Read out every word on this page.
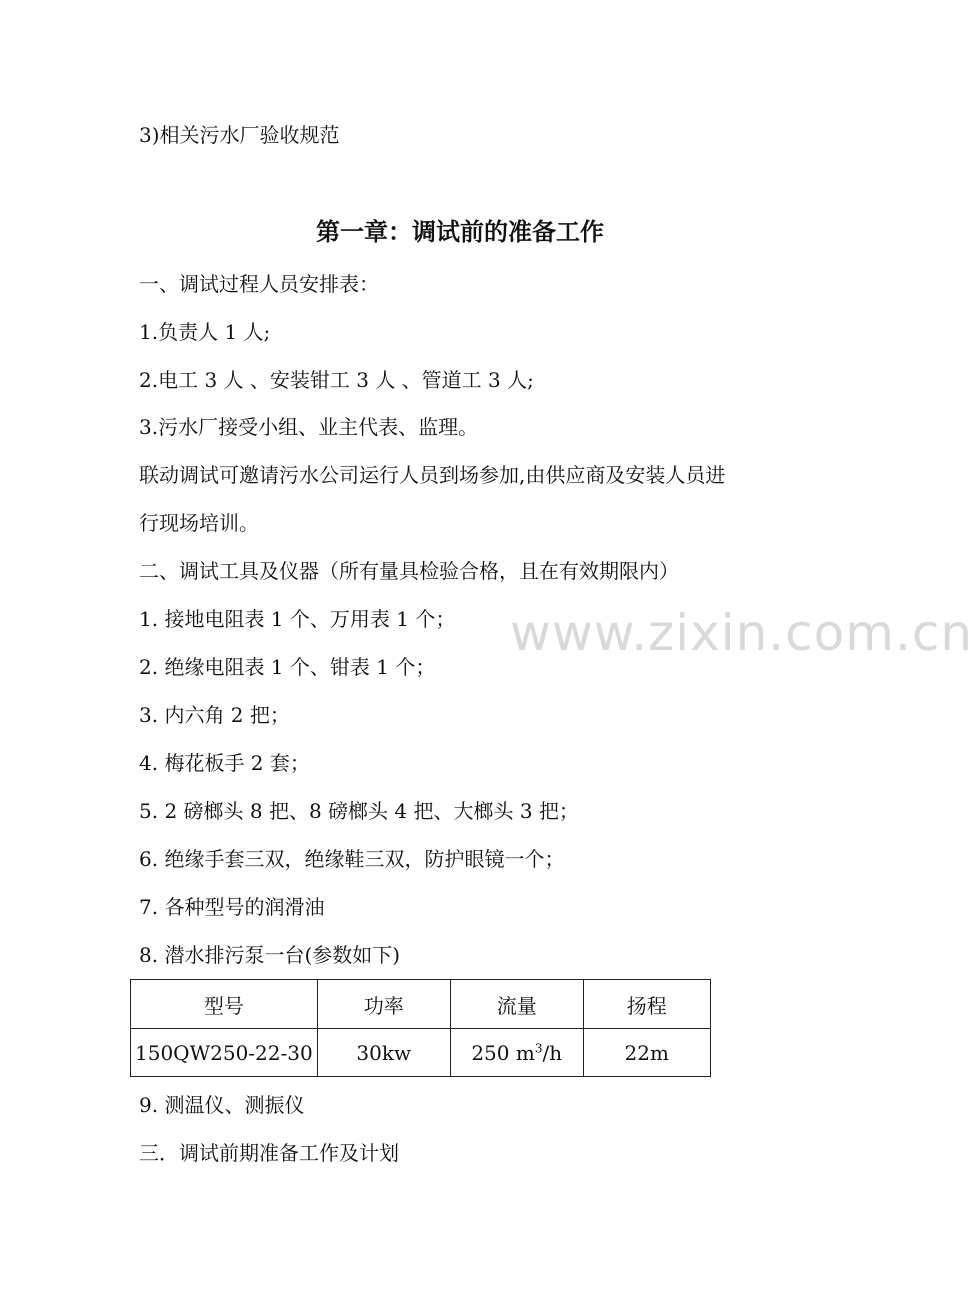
3)相关污水厂验收规范
第一章：调试前的准备工作
一、调试过程人员安排表：
1.负责人 1 人;
2.电工 3 人 、安装钳工 3 人 、管道工 3 人;
3.污水厂接受小组、业主代表、监理。
联动调试可邀请污水公司运行人员到场参加,由供应商及安装人员进
行现场培训。
二、调试工具及仪器（所有量具检验合格，且在有效期限内）
1. 接地电阻表 1 个、万用表 1 个；
2. 绝缘电阻表 1 个、钳表 1 个；
3. 内六角 2 把；
4. 梅花板手 2 套；
5. 2 磅榔头 8 把、8 磅榔头 4 把、大榔头 3 把；
6. 绝缘手套三双，绝缘鞋三双，防护眼镜一个；
7. 各种型号的润滑油
8. 潜水排污泵一台(参数如下)
型号	功率	流量	扬程
150QW250-22-30	30kw	250 $m^3/h$	22m
9. 测温仪、测振仪
三．调试前期准备工作及计划
www.zixin.com.cn
